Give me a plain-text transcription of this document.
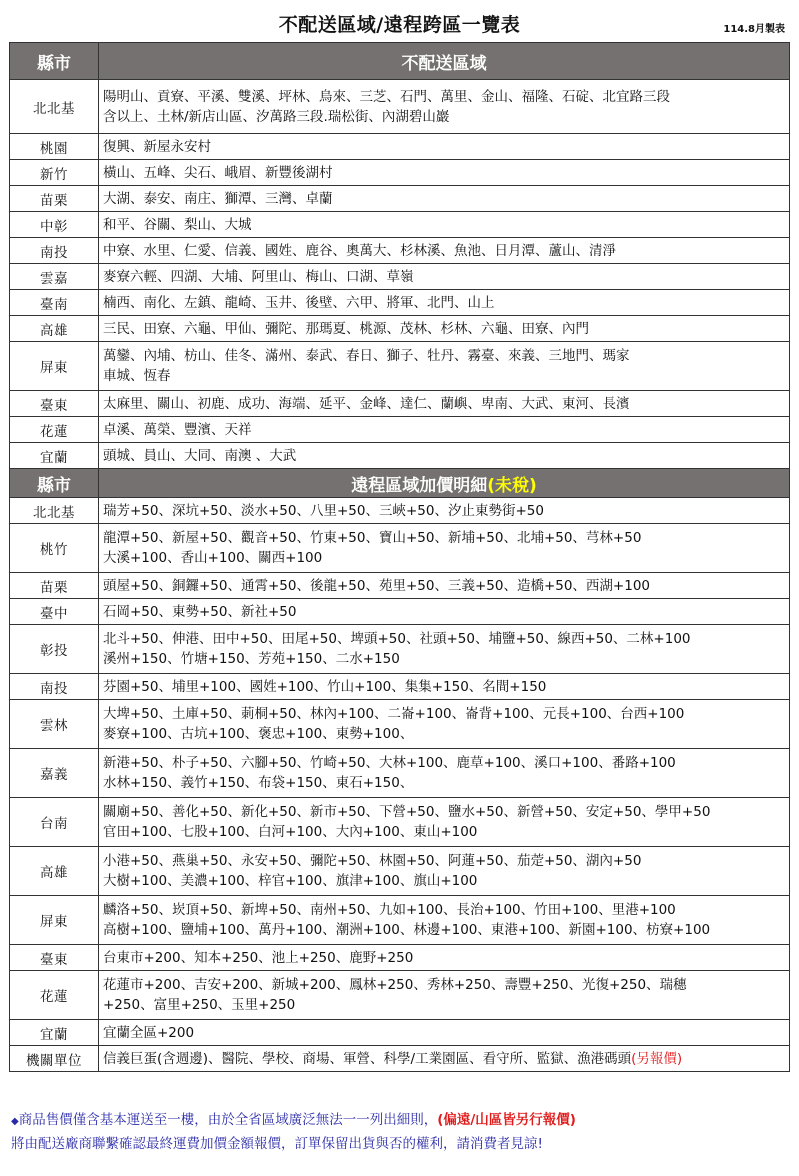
不配送區域/遠程跨區一覽表	114.8月製表
縣市	不配送區域
北北基	陽明山、貢寮、平溪、雙溪、坪林、烏來、三芝、石門、萬里、金山、福隆、石碇、北宜路三段
含以上、土林/新店山區、汐萬路三段.瑞松街、內湖碧山巖
桃園	復興、新屋永安村
新竹	橫山、五峰、尖石、峨眉、新豐後湖村
苗栗	大湖、泰安、南庄、獅潭、三灣、卓蘭
中彰	和平、谷關、梨山、大城
南投	中寮、水里、仁愛、信義、國姓、鹿谷、奧萬大、杉林溪、魚池、日月潭、蘆山、清淨
雲嘉	麥寮六輕、四湖、大埔、阿里山、梅山、口湖、草嶺
臺南	楠西、南化、左鎮、龍崎、玉井、後壁、六甲、將軍、北門、山上
高雄	三民、田寮、六龜、甲仙、彌陀、那瑪夏、桃源、茂林、杉林、六龜、田寮、內門
屏東	萬鑾、內埔、枋山、佳冬、滿州、泰武、春日、獅子、牡丹、霧臺、來義、三地門、瑪家
車城、恆春
臺東	太麻里、關山、初鹿、成功、海端、延平、金峰、達仁、蘭嶼、卑南、大武、東河、長濱
花蓮	卓溪、萬榮、豐濱、天祥
宜蘭	頭城、員山、大同、南澳 、大武
縣市	遠程區域加價明細(未稅)
北北基	瑞芳+50、深坑+50、淡水+50、八里+50、三峽+50、汐止東勢街+50
桃竹	龍潭+50、新屋+50、觀音+50、竹東+50、寶山+50、新埔+50、北埔+50、芎林+50
大溪+100、香山+100、關西+100
苗栗	頭屋+50、銅鑼+50、通霄+50、後龍+50、苑里+50、三義+50、造橋+50、西湖+100
臺中	石岡+50、東勢+50、新社+50
彰投	北斗+50、伸港、田中+50、田尾+50、埤頭+50、社頭+50、埔鹽+50、線西+50、二林+100
溪州+150、竹塘+150、芳苑+150、二水+150
南投	芬園+50、埔里+100、國姓+100、竹山+100、集集+150、名間+150
雲林	大埤+50、土庫+50、莿桐+50、林內+100、二崙+100、崙背+100、元長+100、台西+100
麥寮+100、古坑+100、褒忠+100、東勢+100、
嘉義	新港+50、朴子+50、六腳+50、竹崎+50、大林+100、鹿草+100、溪口+100、番路+100
水林+150、義竹+150、布袋+150、東石+150、
台南	關廟+50、善化+50、新化+50、新市+50、下營+50、鹽水+50、新營+50、安定+50、學甲+50
官田+100、七股+100、白河+100、大內+100、東山+100
高雄	小港+50、燕巢+50、永安+50、彌陀+50、林園+50、阿蓮+50、茄萣+50、湖內+50
大樹+100、美濃+100、梓官+100、旗津+100、旗山+100
屏東	麟洛+50、崁頂+50、新埤+50、南州+50、九如+100、長治+100、竹田+100、里港+100
高樹+100、鹽埔+100、萬丹+100、潮洲+100、林邊+100、東港+100、新園+100、枋寮+100
臺東	台東市+200、知本+250、池上+250、鹿野+250
花蓮	花蓮市+200、吉安+200、新城+200、鳳林+250、秀林+250、壽豐+250、光復+250、瑞穗
+250、富里+250、玉里+250
宜蘭	宜蘭全區+200
機關單位	信義巨蛋(含週邊)、醫院、學校、商場、軍營、科學/工業園區、看守所、監獄、漁港碼頭(另報價)
◆商品售價僅含基本運送至一樓，由於全省區域廣泛無法一一列出細則，(偏遠/山區皆另行報價)
將由配送廠商聯繫確認最終運費加價金額報價，訂單保留出貨與否的權利，請消費者見諒!
